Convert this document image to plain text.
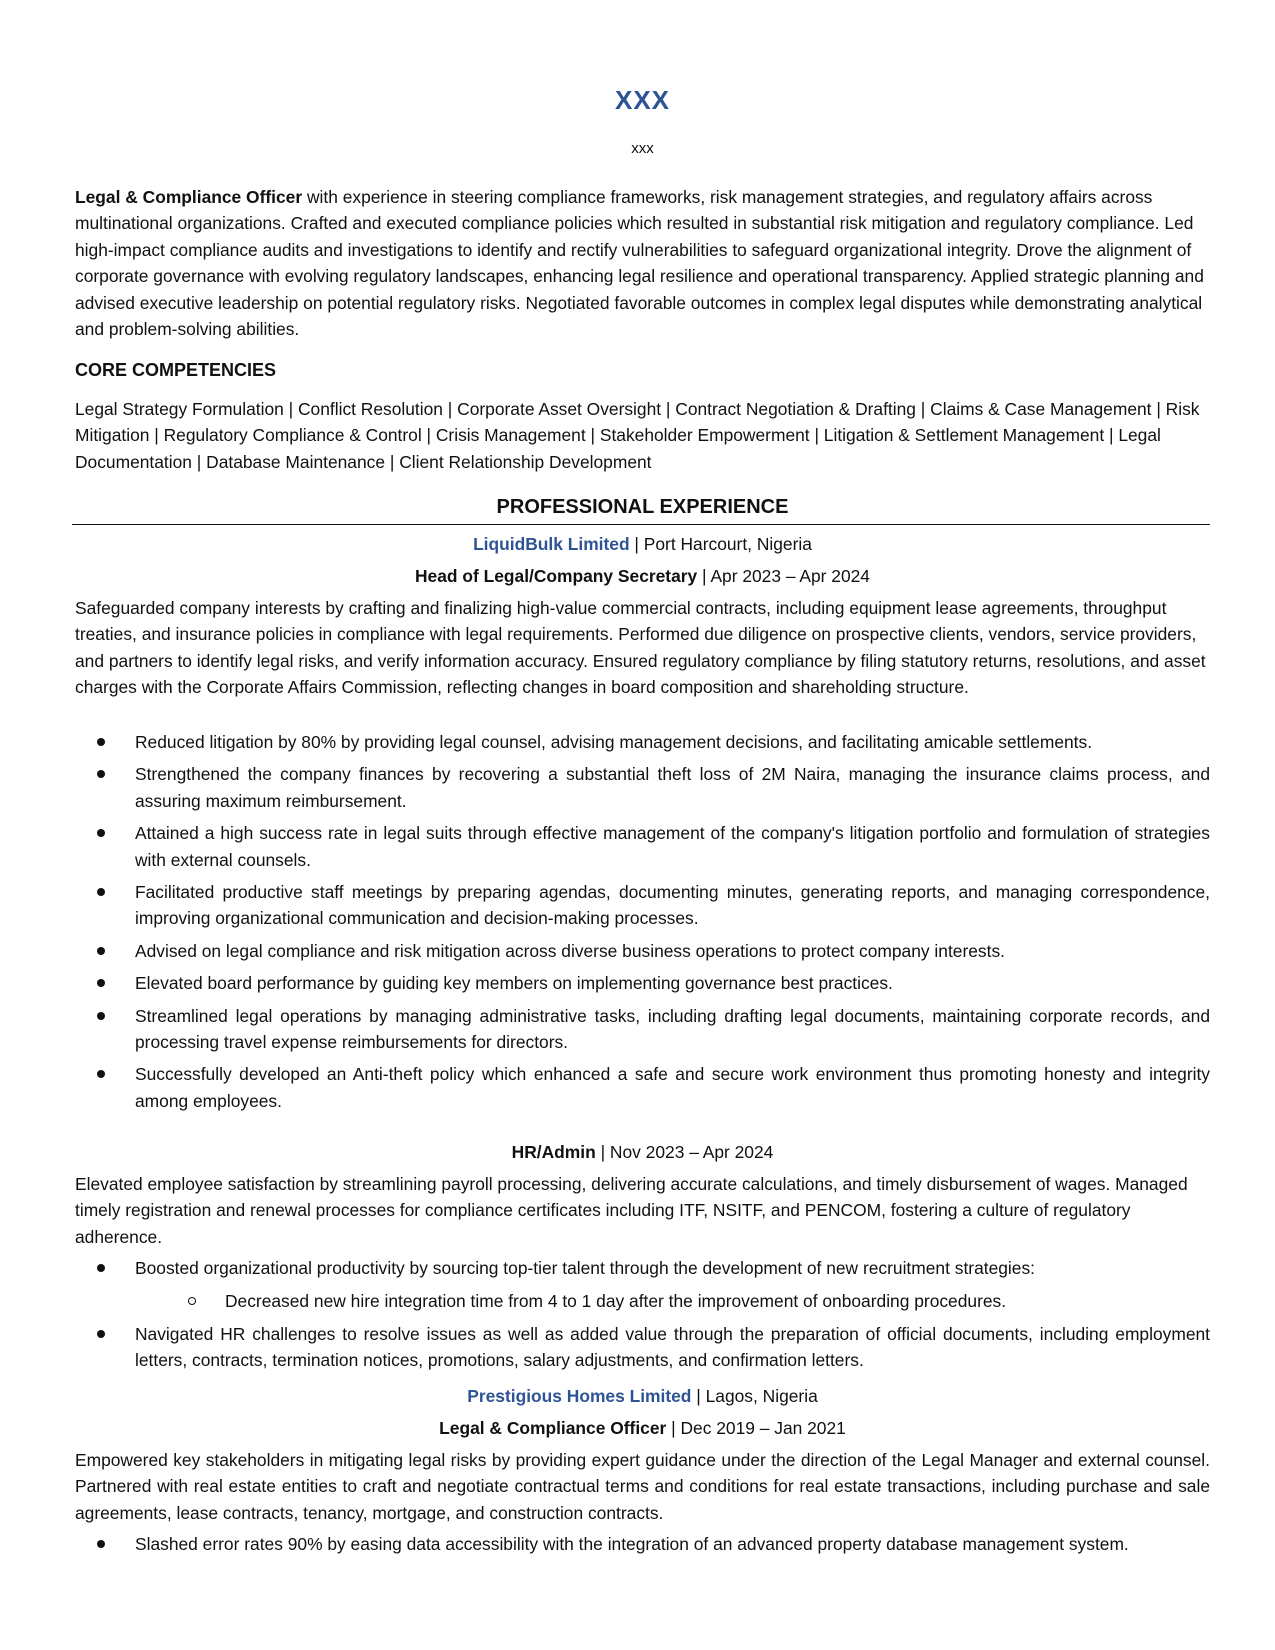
XXX
xxx
Legal & Compliance Officer with experience in steering compliance frameworks, risk management strategies, and regulatory affairs across multinational organizations. Crafted and executed compliance policies which resulted in substantial risk mitigation and regulatory compliance. Led high-impact compliance audits and investigations to identify and rectify vulnerabilities to safeguard organizational integrity. Drove the alignment of corporate governance with evolving regulatory landscapes, enhancing legal resilience and operational transparency. Applied strategic planning and advised executive leadership on potential regulatory risks. Negotiated favorable outcomes in complex legal disputes while demonstrating analytical and problem-solving abilities.
CORE COMPETENCIES
Legal Strategy Formulation | Conflict Resolution | Corporate Asset Oversight | Contract Negotiation & Drafting | Claims & Case Management | Risk Mitigation | Regulatory Compliance & Control | Crisis Management | Stakeholder Empowerment | Litigation & Settlement Management | Legal Documentation | Database Maintenance | Client Relationship Development
PROFESSIONAL EXPERIENCE
LiquidBulk Limited | Port Harcourt, Nigeria
Head of Legal/Company Secretary | Apr 2023 – Apr 2024
Safeguarded company interests by crafting and finalizing high-value commercial contracts, including equipment lease agreements, throughput treaties, and insurance policies in compliance with legal requirements. Performed due diligence on prospective clients, vendors, service providers, and partners to identify legal risks, and verify information accuracy. Ensured regulatory compliance by filing statutory returns, resolutions, and asset charges with the Corporate Affairs Commission, reflecting changes in board composition and shareholding structure.
Reduced litigation by 80% by providing legal counsel, advising management decisions, and facilitating amicable settlements.
Strengthened the company finances by recovering a substantial theft loss of 2M Naira, managing the insurance claims process, and assuring maximum reimbursement.
Attained a high success rate in legal suits through effective management of the company's litigation portfolio and formulation of strategies with external counsels.
Facilitated productive staff meetings by preparing agendas, documenting minutes, generating reports, and managing correspondence, improving organizational communication and decision-making processes.
Advised on legal compliance and risk mitigation across diverse business operations to protect company interests.
Elevated board performance by guiding key members on implementing governance best practices.
Streamlined legal operations by managing administrative tasks, including drafting legal documents, maintaining corporate records, and processing travel expense reimbursements for directors.
Successfully developed an Anti-theft policy which enhanced a safe and secure work environment thus promoting honesty and integrity among employees.
HR/Admin | Nov 2023 – Apr 2024
Elevated employee satisfaction by streamlining payroll processing, delivering accurate calculations, and timely disbursement of wages. Managed timely registration and renewal processes for compliance certificates including ITF, NSITF, and PENCOM, fostering a culture of regulatory adherence.
Boosted organizational productivity by sourcing top-tier talent through the development of new recruitment strategies:
Decreased new hire integration time from 4 to 1 day after the improvement of onboarding procedures.
Navigated HR challenges to resolve issues as well as added value through the preparation of official documents, including employment letters, contracts, termination notices, promotions, salary adjustments, and confirmation letters.
Prestigious Homes Limited | Lagos, Nigeria
Legal & Compliance Officer | Dec 2019 – Jan 2021
Empowered key stakeholders in mitigating legal risks by providing expert guidance under the direction of the Legal Manager and external counsel. Partnered with real estate entities to craft and negotiate contractual terms and conditions for real estate transactions, including purchase and sale agreements, lease contracts, tenancy, mortgage, and construction contracts.
Slashed error rates 90% by easing data accessibility with the integration of an advanced property database management system.
